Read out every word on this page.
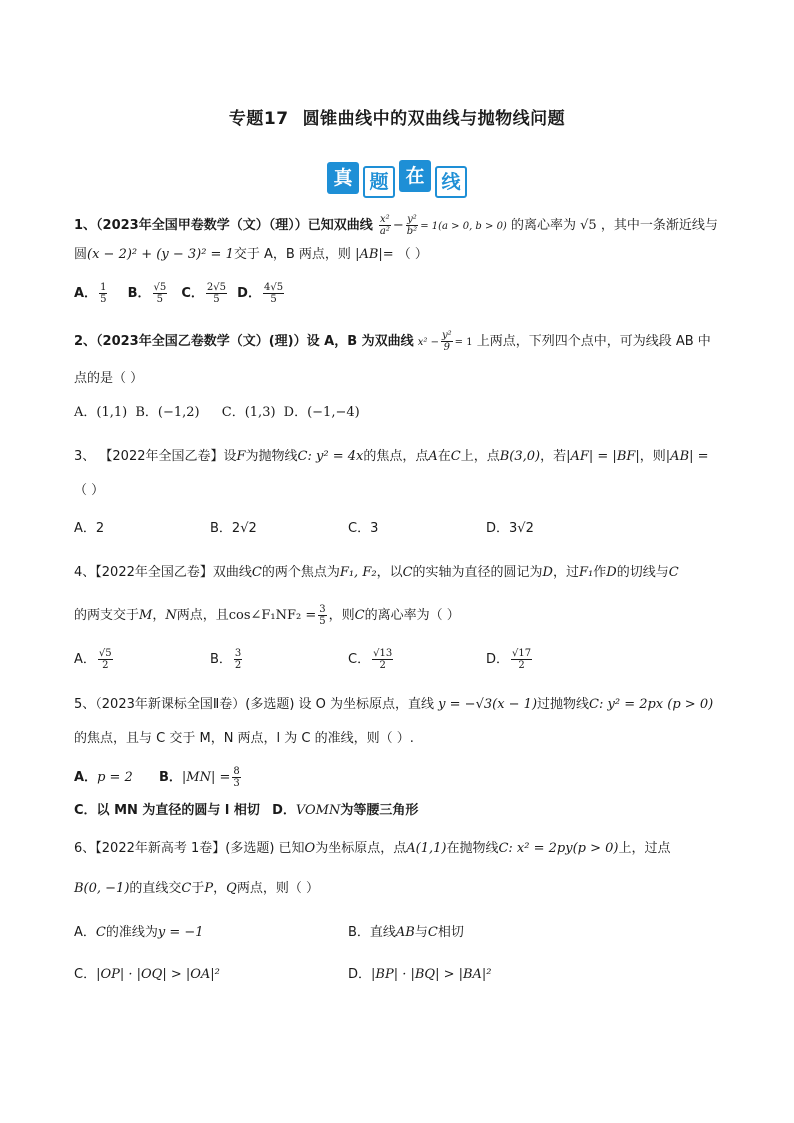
专题17 圆锥曲线中的双曲线与抛物线问题
真 题 在 线
1、（2023年全国甲卷数学（文）（理））已知双曲线 $\frac{\text{x²}}{\text{a²}} - \frac{\text{y²}}{\text{b²}} = 1(a > 0$, b > 0) 的离心率为 √5 ，其中一条渐近线与
圆(x − 2)² + (y − 3)² = 1交于 A，B 两点，则 |AB|= （ ）
A． $\frac{1}{5}$ B． $\frac{√5}{5}$ C． $\frac{2√5}{5}$ D． $\frac{4√5}{5}$
2、（2023年全国乙卷数学（文）(理)）设 A，B 为双曲线 $x^2 - \frac{\text{y²}}{9} = 1$ 上两点，下列四个点中，可为线段 AB 中
点的是（ ）
A．(1,1) B．(−1,2) C．(1,3) D．(−1,−4)
3、 【2022年全国乙卷】设F为抛物线C: y² = 4x的焦点，点A在C上，点B(3,0)，若|AF| = |BF|，则|AB| =
（ ）
A．2	B．2√2	C．3	D．3√2
4、【2022年全国乙卷】双曲线C的两个焦点为F₁, F₂，以C的实轴为直径的圆记为D，过F₁作D的切线与C
的两支交于M，N两点，且cos∠F₁NF₂ = $\frac{3}{5}$ ，则C的离心率为（ ）
A． $\frac{√5}{2}$	B． $\frac{3}{2}$	C． $\frac{√13}{2}$	D． $\frac{√17}{2}$
5、（2023年新课标全国Ⅱ卷）(多选题) 设 O 为坐标原点，直线 y = −√3(x − 1)过抛物线C: y² = 2px (p > 0)
的焦点，且与 C 交于 M，N 两点，l 为 C 的准线，则（ ）.
A．p = 2 B．$|MN| = \frac{8}{3}$
C．以 MN 为直径的圆与 l 相切 D．VOMN为等腰三角形
6、【2022年新高考 1卷】(多选题) 已知O为坐标原点，点A(1,1)在抛物线C: x² = 2py(p > 0)上，过点
B(0, −1)的直线交C于P，Q两点，则（ ）
A．C的准线为y = −1	B．直线AB与C相切
C．|OP| · |OQ| > |OA|²	D．|BP| · |BQ| > |BA|²
